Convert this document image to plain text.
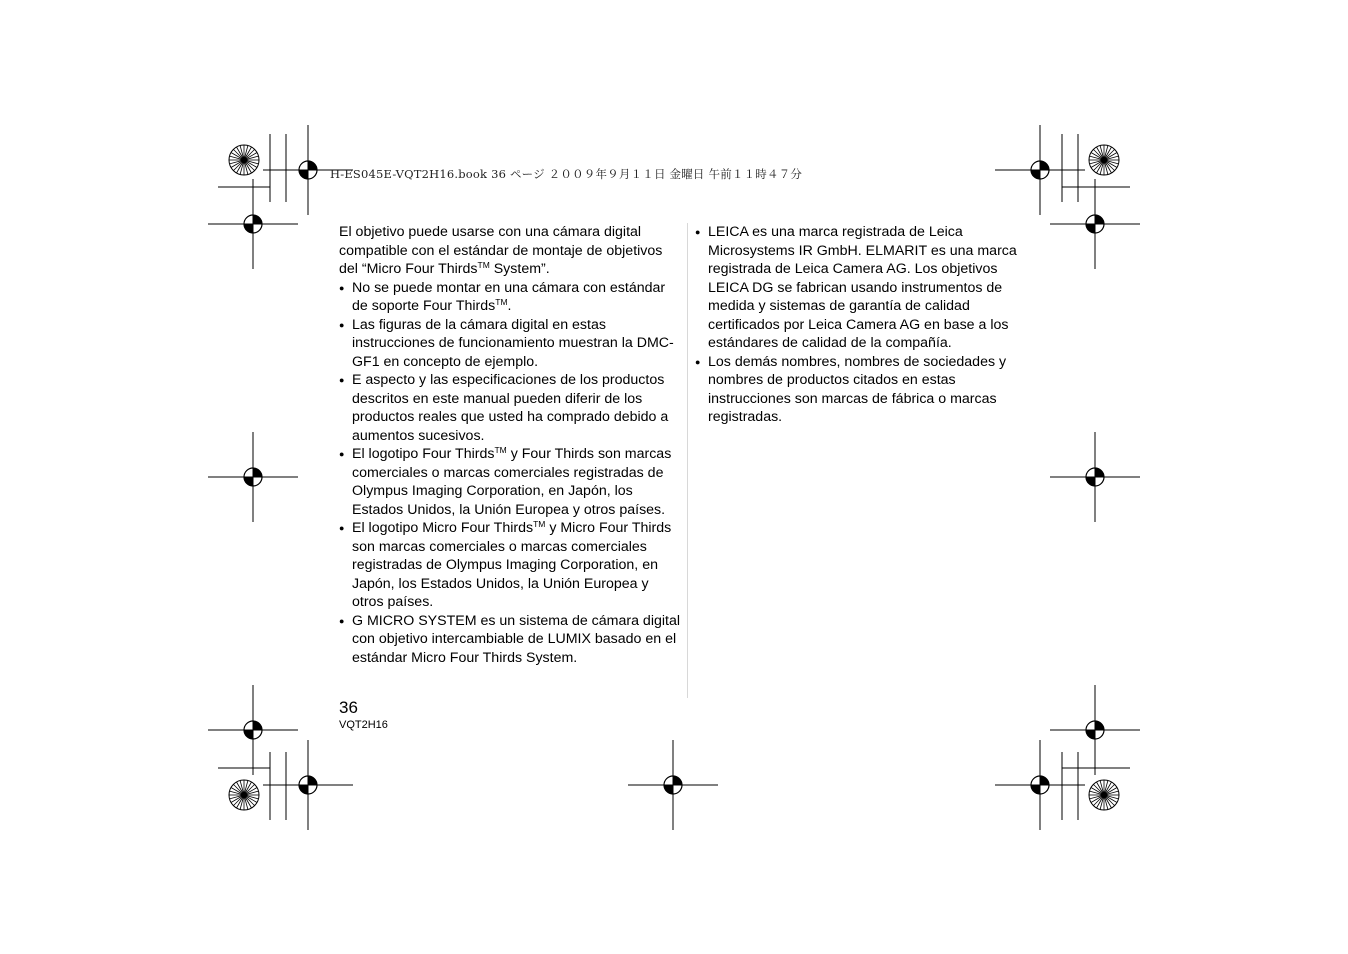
H-ES045E-VQT2H16.book 36 ページ ２００９年９月１１日 金曜日 午前１１時４７分

El objetivo puede usarse con una cámara digital compatible con el estándar de montaje de objetivos del “Micro Four Thirds™ System”.

● No se puede montar en una cámara con estándar de soporte Four Thirds™.

● Las figuras de la cámara digital en estas instrucciones de funcionamiento muestran la DMC-GF1 en concepto de ejemplo.

● E aspecto y las especificaciones de los productos descritos en este manual pueden diferir de los productos reales que usted ha comprado debido a aumentos sucesivos.

● El logotipo Four Thirds™ y Four Thirds son marcas comerciales o marcas comerciales registradas de Olympus Imaging Corporation, en Japón, los Estados Unidos, la Unión Europea y otros países.

● El logotipo Micro Four Thirds™ y Micro Four Thirds son marcas comerciales o marcas comerciales registradas de Olympus Imaging Corporation, en Japón, los Estados Unidos, la Unión Europea y otros países.

● G MICRO SYSTEM es un sistema de cámara digital con objetivo intercambiable de LUMIX basado en el estándar Micro Four Thirds System.

● LEICA es una marca registrada de Leica Microsystems IR GmbH. ELMARIT es una marca registrada de Leica Camera AG. Los objetivos LEICA DG se fabrican usando instrumentos de medida y sistemas de garantía de calidad certificados por Leica Camera AG en base a los estándares de calidad de la compañía.

● Los demás nombres, nombres de sociedades y nombres de productos citados en estas instrucciones son marcas de fábrica o marcas registradas.

36
VQT2H16
